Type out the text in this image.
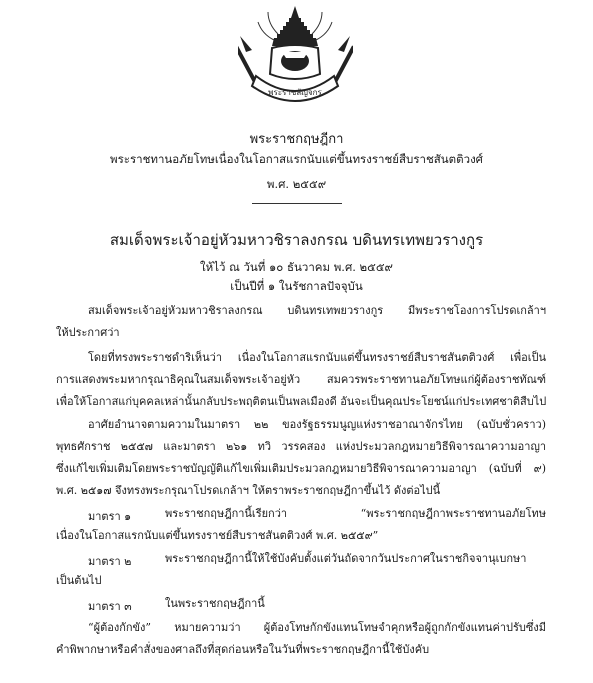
พระราชลัญจกร
พระราชกฤษฎีกา
พระราชทานอภัยโทษเนื่องในโอกาสแรกนับแต่ขึ้นทรงราชย์สืบราชสันตติวงศ์
พ.ศ. ๒๕๕๙
สมเด็จพระเจ้าอยู่หัวมหาวชิราลงกรณ บดินทรเทพยวรางกูร
ให้ไว้ ณ วันที่ ๑๐ ธันวาคม พ.ศ. ๒๕๕๙
เป็นปีที่ ๑ ในรัชกาลปัจจุบัน
สมเด็จพระเจ้าอยู่หัวมหาวชิราลงกรณ บดินทรเทพยวรางกูร มีพระราชโองการโปรดเกล้าฯ
ให้ประกาศว่า
โดยที่ทรงพระราชดำริเห็นว่า เนื่องในโอกาสแรกนับแต่ขึ้นทรงราชย์สืบราชสันตติวงศ์ เพื่อเป็น
การแสดงพระมหากรุณาธิคุณในสมเด็จพระเจ้าอยู่หัว สมควรพระราชทานอภัยโทษแก่ผู้ต้องราชทัณฑ์
เพื่อให้โอกาสแก่บุคคลเหล่านั้นกลับประพฤติตนเป็นพลเมืองดี อันจะเป็นคุณประโยชน์แก่ประเทศชาติสืบไป
อาศัยอำนาจตามความในมาตรา ๒๒ ของรัฐธรรมนูญแห่งราชอาณาจักรไทย (ฉบับชั่วคราว)
พุทธศักราช ๒๕๕๗ และมาตรา ๒๖๑ ทวิ วรรคสอง แห่งประมวลกฎหมายวิธีพิจารณาความอาญา
ซึ่งแก้ไขเพิ่มเติมโดยพระราชบัญญัติแก้ไขเพิ่มเติมประมวลกฎหมายวิธีพิจารณาความอาญา (ฉบับที่ ๙)
พ.ศ. ๒๕๑๗ จึงทรงพระกรุณาโปรดเกล้าฯ ให้ตราพระราชกฤษฎีกาขึ้นไว้ ดังต่อไปนี้
มาตรา ๑	พระราชกฤษฎีกานี้เรียกว่า “พระราชกฤษฎีกาพระราชทานอภัยโทษ
เนื่องในโอกาสแรกนับแต่ขึ้นทรงราชย์สืบราชสันตติวงศ์ พ.ศ. ๒๕๕๙”
มาตรา ๒	พระราชกฤษฎีกานี้ให้ใช้บังคับตั้งแต่วันถัดจากวันประกาศในราชกิจจานุเบกษา
เป็นต้นไป
มาตรา ๓	ในพระราชกฤษฎีกานี้
“ผู้ต้องกักขัง” หมายความว่า ผู้ต้องโทษกักขังแทนโทษจำคุกหรือผู้ถูกกักขังแทนค่าปรับซึ่งมี
คำพิพากษาหรือคำสั่งของศาลถึงที่สุดก่อนหรือในวันที่พระราชกฤษฎีกานี้ใช้บังคับ
